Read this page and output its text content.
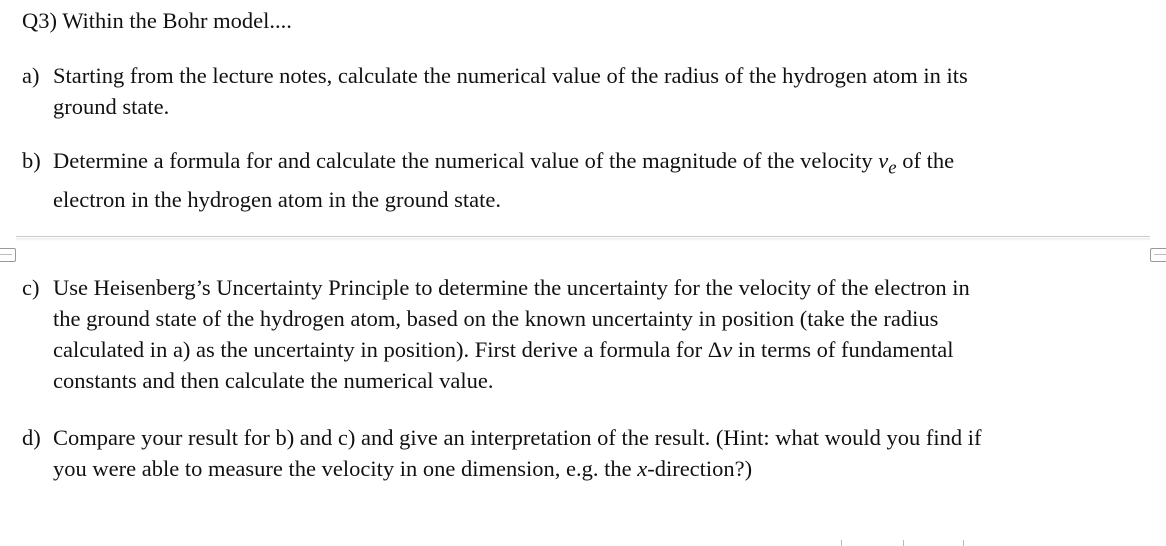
Q3) Within the Bohr model....
a) Starting from the lecture notes, calculate the numerical value of the radius of the hydrogen atom in its
ground state.
b) Determine a formula for and calculate the numerical value of the magnitude of the velocity $v_e$ of the
electron in the hydrogen atom in the ground state.
c) Use Heisenberg’s Uncertainty Principle to determine the uncertainty for the velocity of the electron in
the ground state of the hydrogen atom, based on the known uncertainty in position (take the radius
calculated in a) as the uncertainty in position). First derive a formula for Δv in terms of fundamental
constants and then calculate the numerical value.
d) Compare your result for b) and c) and give an interpretation of the result. (Hint: what would you find if
you were able to measure the velocity in one dimension, e.g. the x-direction?)
